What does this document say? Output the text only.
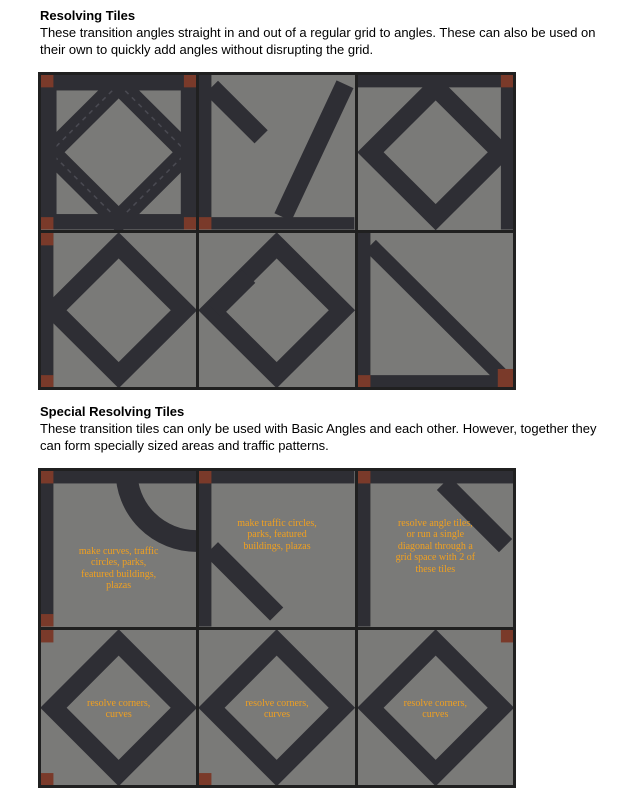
Resolving Tiles

These transition angles straight in and out of a regular grid to angles. These can also be used on their own to quickly add angles without disrupting the grid.

Special Resolving Tiles

These transition tiles can only be used with Basic Angles and each other. However, together they can form specially sized areas and traffic patterns.

make curves, traffic
circles, parks,
featured buildings,
plazas
make traffic circles,
parks, featured
buildings, plazas
resolve angle tiles,
or run a single
diagonal through a
grid space with 2 of
these tiles
resolve corners,
curves
resolve corners,
curves
resolve corners,
curves
